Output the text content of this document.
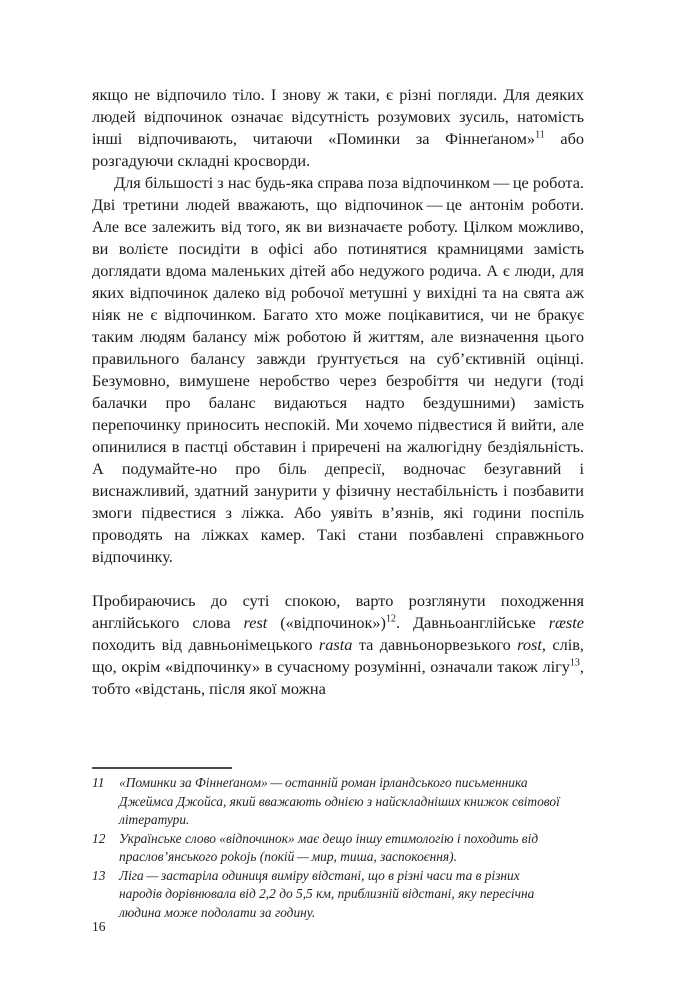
якщо не відпочило тіло. І знову ж таки, є різні погляди. Для деяких людей відпочинок означає відсутність розумових зусиль, натомість інші відпочивають, читаючи «Поминки за Фіннеґаном»$^{11}$ або розгадуючи складні кросворди.

Для більшості з нас будь-яка справа поза відпочинком — це робота. Дві третини людей вважають, що відпочинок — це антонім роботи. Але все залежить від того, як ви визначаєте роботу. Цілком можливо, ви волієте посидіти в офісі або потинятися крамницями замість доглядати вдома маленьких дітей або недужого родича. А є люди, для яких відпочинок далеко від робочої метушні у вихідні та на свята аж ніяк не є відпочинком. Багато хто може поцікавитися, чи не бракує таким людям балансу між роботою й життям, але визначення цього правильного балансу завжди ґрунтується на суб’єктивній оцінці. Безумовно, вимушене неробство через безробіття чи недуги (тоді балачки про баланс видаються надто бездушними) замість перепочинку приносить неспокій. Ми хочемо підвестися й вийти, але опинилися в пастці обставин і приречені на жалюгідну бездіяльність. А подумайте-но про біль депресії, водночас безугавний і виснажливий, здатний занурити у фізичну нестабільність і позбавити змоги підвестися з ліжка. Або уявіть в’язнів, які години поспіль проводять на ліжках камер. Такі стани позбавлені справжнього відпочинку.

Пробираючись до суті спокою, варто розглянути походження англійського слова rest («відпочинок»)$^{12}$. Давньоанглійське ræste походить від давньонімецького rasta та давньонорвезького rost, слів, що, окрім «відпочинку» в сучасному розумінні, означали також лігу$^{13}$, тобто «відстань, після якої можна

11	«Поминки за Фіннеґаном» — останній роман ірландського письменника Джеймса Джойса, який вважають однією з найскладніших книжок світової літератури.
12	Українське слово «відпочинок» має дещо іншу етимологію і походить від праслов’янського pokojь (покій — мир, тиша, заспокоєння).
13	Ліга — застаріла одиниця виміру відстані, що в різні часи та в різних народів дорівнювала від 2,2 до 5,5 км, приблизній відстані, яку пересічна людина може подолати за годину.
16
